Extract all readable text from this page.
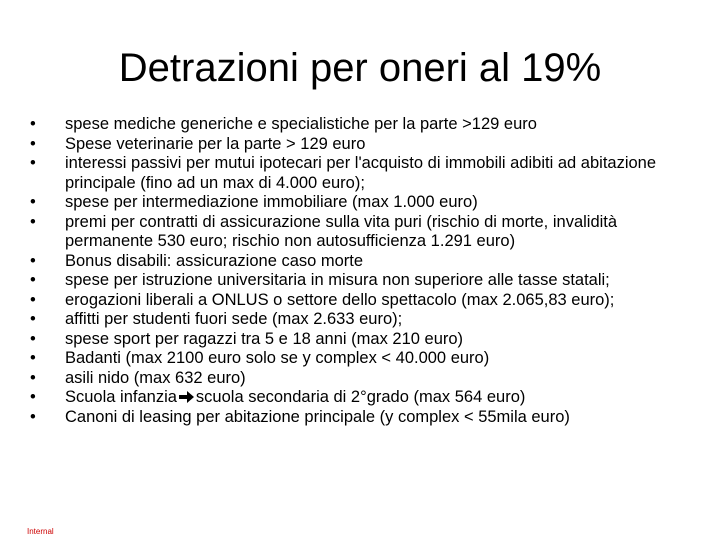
Detrazioni per oneri al 19%
•	spese mediche generiche e specialistiche per la parte >129 euro
•	Spese veterinarie per la parte > 129 euro
•	interessi passivi per mutui ipotecari per l'acquisto di immobili adibiti ad abitazione principale (fino ad un max di 4.000 euro);
•	spese per intermediazione immobiliare (max 1.000 euro)
•	premi per contratti di assicurazione sulla vita puri (rischio di morte, invalidità permanente 530 euro; rischio non autosufficienza 1.291 euro)
•	Bonus disabili: assicurazione caso morte
•	spese per istruzione universitaria in misura non superiore alle tasse statali;
•	erogazioni liberali a ONLUS o settore dello spettacolo (max 2.065,83 euro);
•	affitti per studenti fuori sede (max 2.633 euro);
•	spese sport per ragazzi tra 5 e 18 anni (max 210 euro)
•	Badanti (max 2100 euro solo se y complex < 40.000 euro)
•	asili nido (max 632 euro)
•	Scuola infanzia scuola secondaria di 2°grado (max 564 euro)
•	Canoni di leasing per abitazione principale (y complex < 55mila euro)
Internal
